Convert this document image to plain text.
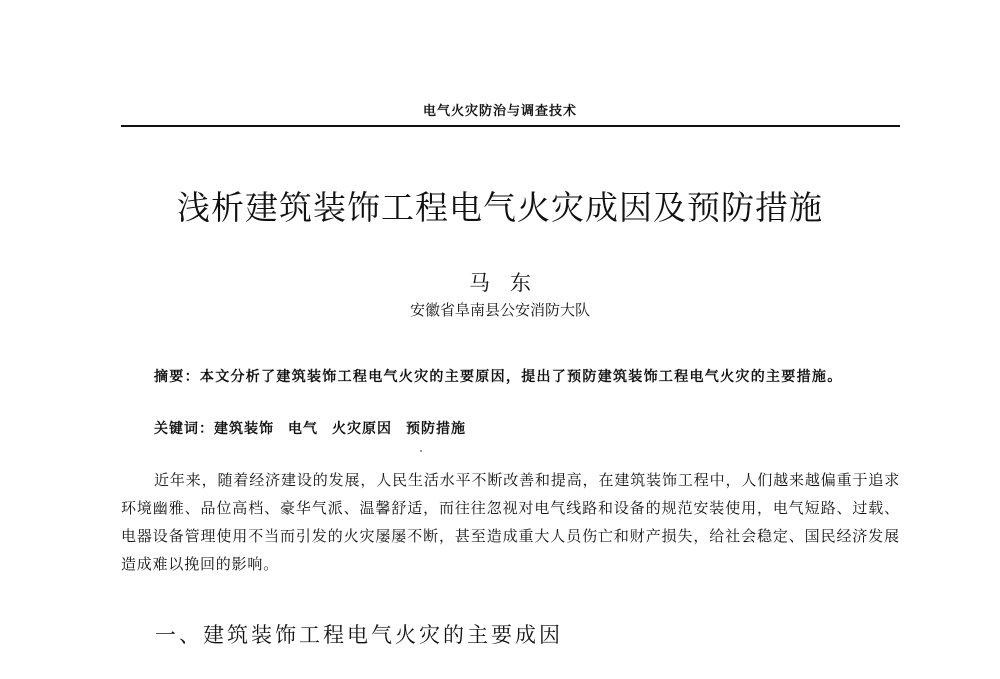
电气火灾防治与调查技术
浅析建筑装饰工程电气火灾成因及预防措施
马东
安徽省阜南县公安消防大队

摘要：本文分析了建筑装饰工程电气火灾的主要原因，提出了预防建筑装饰工程电气火灾的主要措施。

关键词：建筑装饰 电气 火灾原因 预防措施

近年来，随着经济建设的发展，人民生活水平不断改善和提高，在建筑装饰工程中，人们越来越偏重于追求环境幽雅、品位高档、豪华气派、温馨舒适，而往往忽视对电气线路和设备的规范安装使用，电气短路、过载、电器设备管理使用不当而引发的火灾屡屡不断，甚至造成重大人员伤亡和财产损失，给社会稳定、国民经济发展造成难以挽回的影响。

一、建筑装饰工程电气火灾的主要成因
